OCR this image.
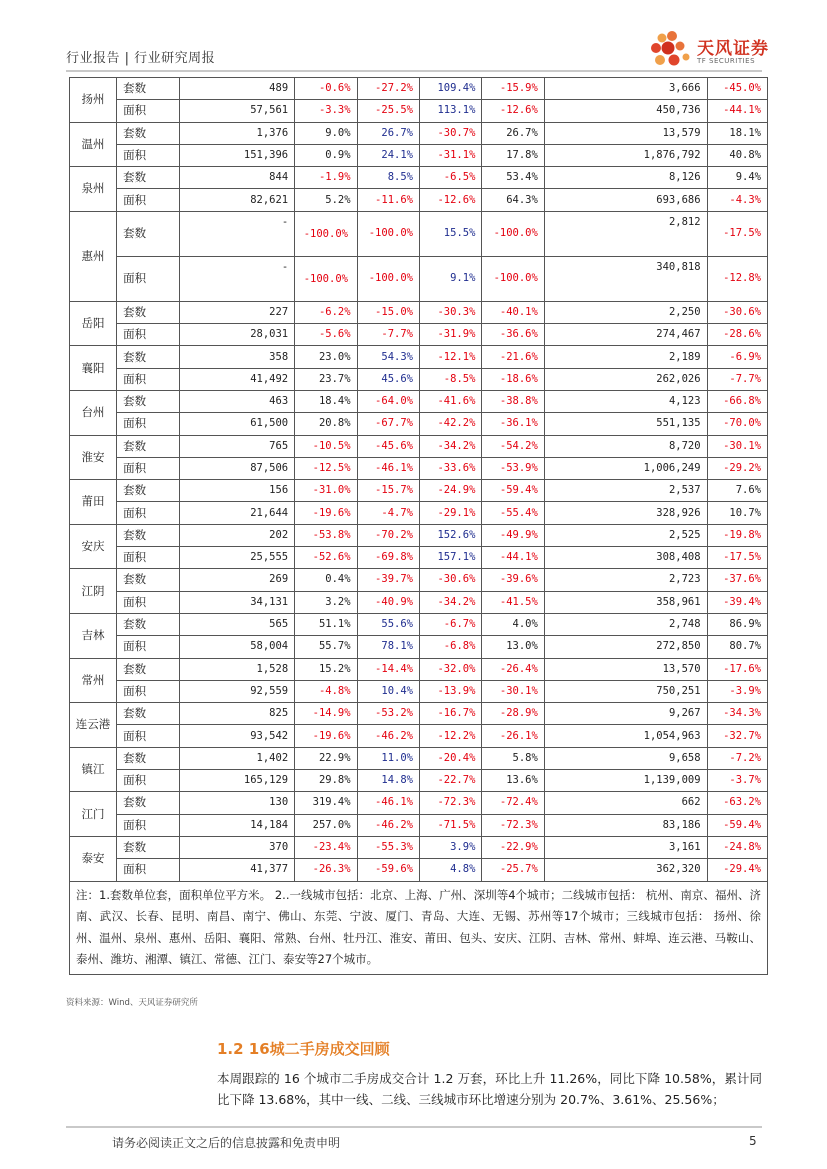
行业报告 | 行业研究周报	天风证券
TF SECURITIES
扬州	套数	489	-0.6%	-27.2%	109.4%	-15.9%	3,666	-45.0%
	面积	57,561	-3.3%	-25.5%	113.1%	-12.6%	450,736	-44.1%
温州	套数	1,376	9.0%	26.7%	-30.7%	26.7%	13,579	18.1%
	面积	151,396	0.9%	24.1%	-31.1%	17.8%	1,876,792	40.8%
泉州	套数	844	-1.9%	8.5%	-6.5%	53.4%	8,126	9.4%
	面积	82,621	5.2%	-11.6%	-12.6%	64.3%	693,686	-4.3%
惠州	套数	-	-100.0%	-100.0%	15.5%	-100.0%	2,812	-17.5%
	面积	-	-100.0%	-100.0%	9.1%	-100.0%	340,818	-12.8%
岳阳	套数	227	-6.2%	-15.0%	-30.3%	-40.1%	2,250	-30.6%
	面积	28,031	-5.6%	-7.7%	-31.9%	-36.6%	274,467	-28.6%
襄阳	套数	358	23.0%	54.3%	-12.1%	-21.6%	2,189	-6.9%
	面积	41,492	23.7%	45.6%	-8.5%	-18.6%	262,026	-7.7%
台州	套数	463	18.4%	-64.0%	-41.6%	-38.8%	4,123	-66.8%
	面积	61,500	20.8%	-67.7%	-42.2%	-36.1%	551,135	-70.0%
淮安	套数	765	-10.5%	-45.6%	-34.2%	-54.2%	8,720	-30.1%
	面积	87,506	-12.5%	-46.1%	-33.6%	-53.9%	1,006,249	-29.2%
莆田	套数	156	-31.0%	-15.7%	-24.9%	-59.4%	2,537	7.6%
	面积	21,644	-19.6%	-4.7%	-29.1%	-55.4%	328,926	10.7%
安庆	套数	202	-53.8%	-70.2%	152.6%	-49.9%	2,525	-19.8%
	面积	25,555	-52.6%	-69.8%	157.1%	-44.1%	308,408	-17.5%
江阴	套数	269	0.4%	-39.7%	-30.6%	-39.6%	2,723	-37.6%
	面积	34,131	3.2%	-40.9%	-34.2%	-41.5%	358,961	-39.4%
吉林	套数	565	51.1%	55.6%	-6.7%	4.0%	2,748	86.9%
	面积	58,004	55.7%	78.1%	-6.8%	13.0%	272,850	80.7%
常州	套数	1,528	15.2%	-14.4%	-32.0%	-26.4%	13,570	-17.6%
	面积	92,559	-4.8%	10.4%	-13.9%	-30.1%	750,251	-3.9%
连云港	套数	825	-14.9%	-53.2%	-16.7%	-28.9%	9,267	-34.3%
	面积	93,542	-19.6%	-46.2%	-12.2%	-26.1%	1,054,963	-32.7%
镇江	套数	1,402	22.9%	11.0%	-20.4%	5.8%	9,658	-7.2%
	面积	165,129	29.8%	14.8%	-22.7%	13.6%	1,139,009	-3.7%
江门	套数	130	319.4%	-46.1%	-72.3%	-72.4%	662	-63.2%
	面积	14,184	257.0%	-46.2%	-71.5%	-72.3%	83,186	-59.4%
泰安	套数	370	-23.4%	-55.3%	3.9%	-22.9%	3,161	-24.8%
	面积	41,377	-26.3%	-59.6%	4.8%	-25.7%	362,320	-29.4%
注：1.套数单位套，面积单位平方米。 2..一线城市包括：北京、上海、广州、深圳等4个城市；二线城市包括： 杭州、南京、福州、济南、武汉、长春、昆明、南昌、南宁、佛山、东莞、宁波、厦门、青岛、大连、无锡、苏州等17个城市；三线城市包括： 扬州、徐州、温州、泉州、惠州、岳阳、襄阳、常熟、台州、牡丹江、淮安、莆田、包头、安庆、江阴、吉林、常州、蚌埠、连云港、马鞍山、泰州、潍坊、湘潭、镇江、常德、江门、泰安等27个城市。								
资料来源：Wind、天风证券研究所
1.2 16城二手房成交回顾
本周跟踪的 16 个城市二手房成交合计 1.2 万套，环比上升 11.26%，同比下降 10.58%，累计同比下降 13.68%，其中一线、二线、三线城市环比增速分别为 20.7%、3.61%、25.56%；
请务必阅读正文之后的信息披露和免责申明	5
